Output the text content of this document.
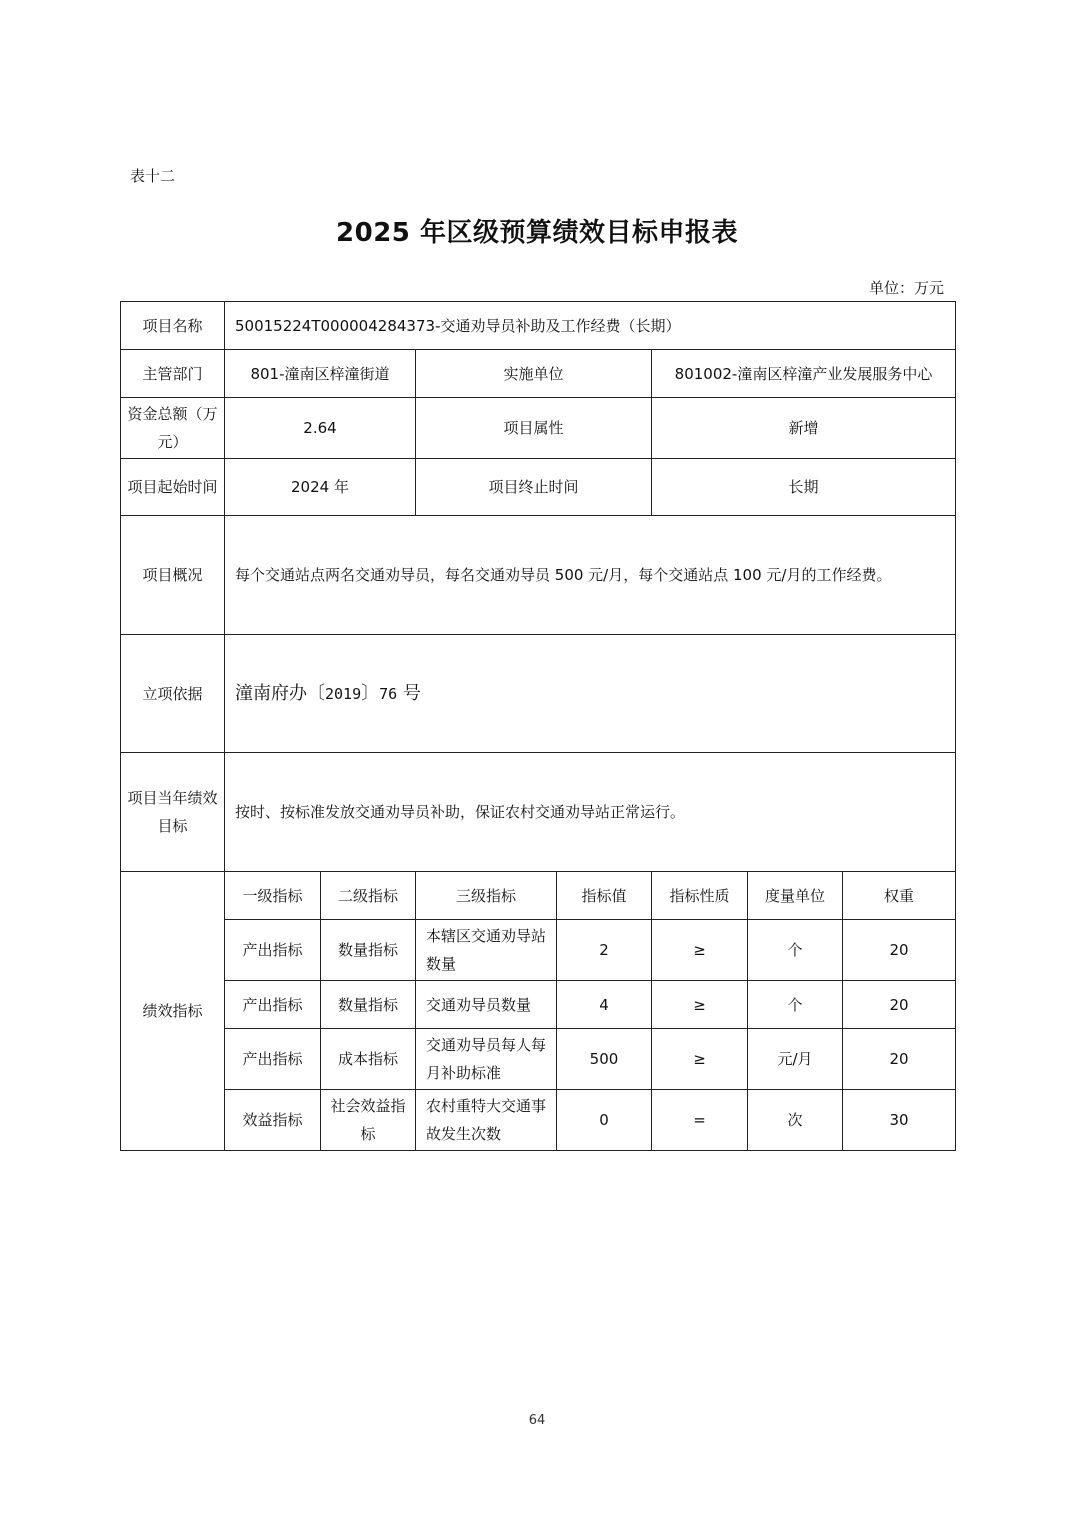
表十二
2025 年区级预算绩效目标申报表
单位：万元
项目名称	50015224T000004284373-交通劝导员补助及工作经费（长期）						
主管部门	801-潼南区梓潼街道		实施单位		801002-潼南区梓潼产业发展服务中心		
资金总额（万元）	2.64		项目属性		新增		
项目起始时间	2024 年		项目终止时间		长期		
项目概况	每个交通站点两名交通劝导员，每名交通劝导员 500 元/月，每个交通站点 100 元/月的工作经费。						
立项依据	潼南府办〔2019〕76 号						
项目当年绩效目标	按时、按标准发放交通劝导员补助，保证农村交通劝导站正常运行。						
绩效指标	一级指标	二级指标	三级指标	指标值	指标性质	度量单位	权重
	产出指标	数量指标	本辖区交通劝导站数量	2	≥	个	20
	产出指标	数量指标	交通劝导员数量	4	≥	个	20
	产出指标	成本指标	交通劝导员每人每月补助标准	500	≥	元/月	20
	效益指标	社会效益指标	农村重特大交通事故发生次数	0	=	次	30
64
